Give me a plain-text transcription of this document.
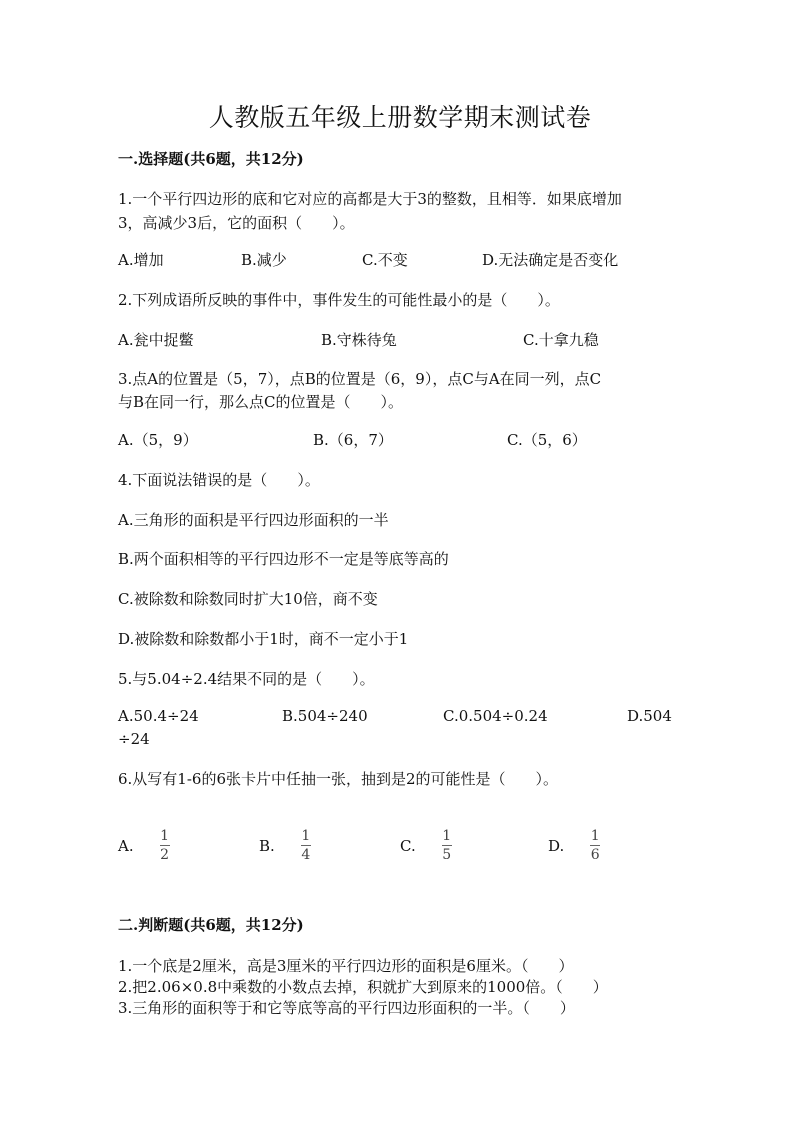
人教版五年级上册数学期末测试卷
一.选择题(共6题，共12分)
1.一个平行四边形的底和它对应的高都是大于3的整数，且相等．如果底增加
3，高减少3后，它的面积（　　）。
A.增加	B.减少	C.不变	D.无法确定是否变化
2.下列成语所反映的事件中，事件发生的可能性最小的是（　　）。
A.瓮中捉鳖	B.守株待兔	C.十拿九稳
3.点A的位置是（5，7），点B的位置是（6，9），点C与A在同一列，点C
与B在同一行，那么点C的位置是（　　）。
A.（5，9）	B.（6，7）	C.（5，6）
4.下面说法错误的是（　　）。
A.三角形的面积是平行四边形面积的一半
B.两个面积相等的平行四边形不一定是等底等高的
C.被除数和除数同时扩大10倍，商不变
D.被除数和除数都小于1时，商不一定小于1
5.与5.04÷2.4结果不同的是（　　）。
A.50.4÷24	B.504÷240	C.0.504÷0.24	D.504
÷24
6.从写有1-6的6张卡片中任抽一张，抽到是2的可能性是（　　）。
A. $\frac{1}{2}$	B. $\frac{1}{4}$	C. $\frac{1}{5}$	D. $\frac{1}{6}$
二.判断题(共6题，共12分)
1.一个底是2厘米，高是3厘米的平行四边形的面积是6厘米。（　　）
2.把2.06×0.8中乘数的小数点去掉，积就扩大到原来的1000倍。（　　）
3.三角形的面积等于和它等底等高的平行四边形面积的一半。（　　）
